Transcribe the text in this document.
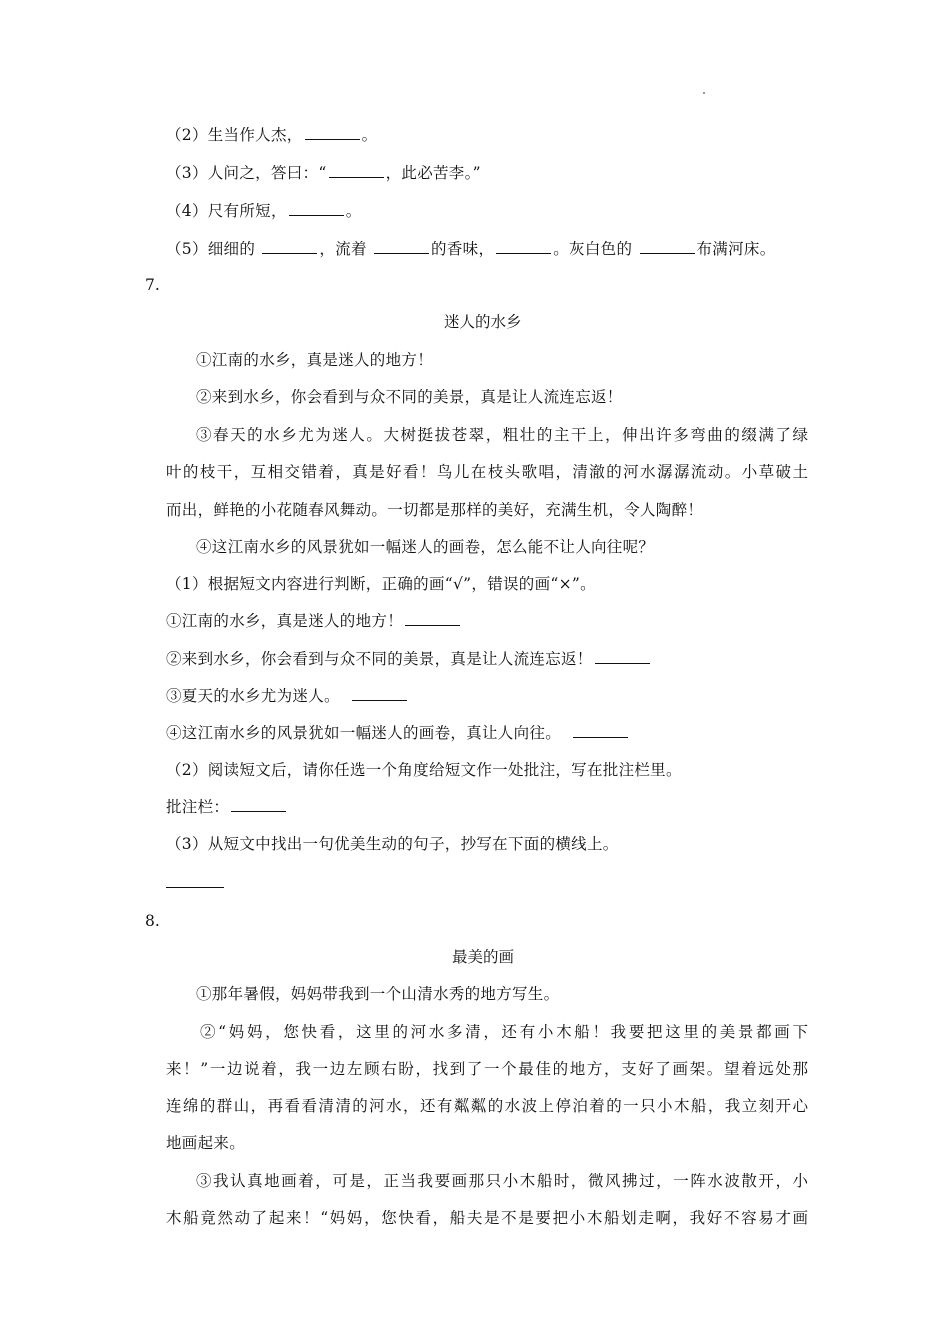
（2）生当作人杰，	。
（3）人问之，答曰：“	，此必苦李。”
（4）尺有所短，	。
（5）细细的	，流着	的香味，	。灰白色的	布满河床。
7.
迷人的水乡
①江南的水乡，真是迷人的地方！
②来到水乡，你会看到与众不同的美景，真是让人流连忘返！
③春天的水乡尤为迷人。大树挺拔苍翠，粗壮的主干上，伸出许多弯曲的缀满了绿
叶的枝干，互相交错着，真是好看！鸟儿在枝头歌唱，清澈的河水潺潺流动。小草破土
而出，鲜艳的小花随春风舞动。一切都是那样的美好，充满生机，令人陶醉！
④这江南水乡的风景犹如一幅迷人的画卷，怎么能不让人向往呢？
（1）根据短文内容进行判断，正确的画“√”，错误的画“×”。
①江南的水乡，真是迷人的地方！
②来到水乡，你会看到与众不同的美景，真是让人流连忘返！
③夏天的水乡尤为迷人。
④这江南水乡的风景犹如一幅迷人的画卷，真让人向往。
（2）阅读短文后，请你任选一个角度给短文作一处批注，写在批注栏里。
批注栏：
（3）从短文中找出一句优美生动的句子，抄写在下面的横线上。
8.
最美的画
①那年暑假，妈妈带我到一个山清水秀的地方写生。
②“妈妈，您快看，这里的河水多清，还有小木船！我要把这里的美景都画下
来！”一边说着，我一边左顾右盼，找到了一个最佳的地方，支好了画架。望着远处那
连绵的群山，再看看清清的河水，还有粼粼的水波上停泊着的一只小木船，我立刻开心
地画起来。
③我认真地画着，可是，正当我要画那只小木船时，微风拂过，一阵水波散开，小
木船竟然动了起来！“妈妈，您快看，船夫是不是要把小木船划走啊，我好不容易才画
